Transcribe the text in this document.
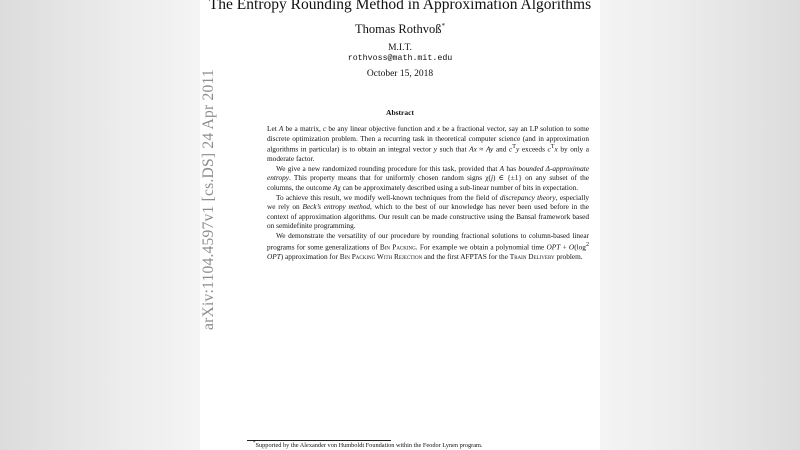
The Entropy Rounding Method in Approximation Algorithms
Thomas Rothvoß*
M.I.T.
rothvoss@math.mit.edu
October 15, 2018
Abstract

Let A be a matrix, c be any linear objective function and x be a fractional vector, say an LP solution to some discrete optimization problem. Then a recurring task in theoretical computer science (and in approximation algorithms in particular) is to obtain an integral vector y such that Ax ≈ Ay and $c^Ty$ exceeds $c^Tx$ by only a moderate factor.

We give a new randomized rounding procedure for this task, provided that A has bounded Δ-approximate entropy. This property means that for uniformly chosen random signs χ(j) ∈ {±1} on any subset of the columns, the outcome Aχ can be approximately described using a sub-linear number of bits in expectation.

To achieve this result, we modify well-known techniques from the field of discrepancy theory, especially we rely on Beck’s entropy method, which to the best of our knowledge has never been used before in the context of approximation algorithms. Our result can be made constructive using the Bansal framework based on semidefinite programming.

We demonstrate the versatility of our procedure by rounding fractional solutions to column-based linear programs for some generalizations of Bin Packing. For example we obtain a polynomial time OPT + $O(\log^2$ OPT) approximation for Bin Packing With Rejection and the first AFPTAS for the Train Delivery problem.

*Supported by the Alexander von Humboldt Foundation within the Feodor Lynen program.
arXiv:1104.4597v1 [cs.DS] 24 Apr 2011
